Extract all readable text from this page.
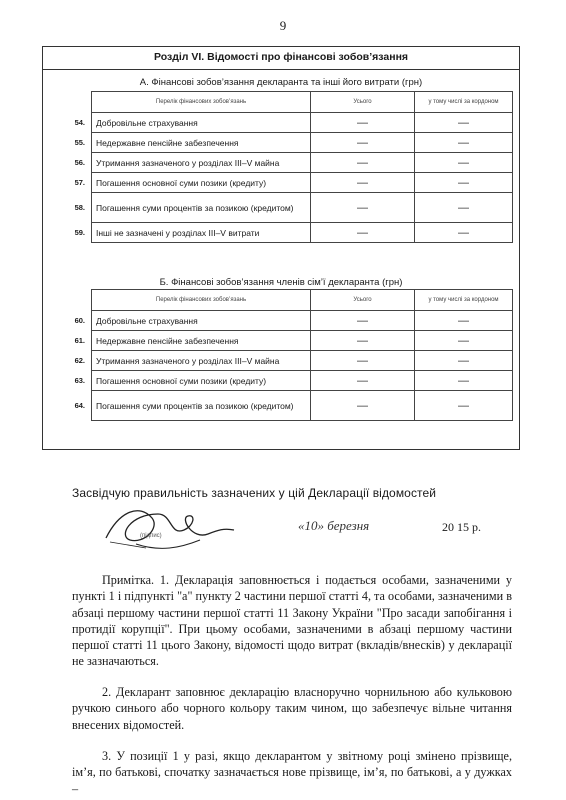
9
Розділ VI. Відомості про фінансові зобов’язання
А. Фінансові зобов’язання декларанта та інші його витрати (грн)
	Перелік фінансових зобов’язань	Усього	у тому числі за кордоном
54.	Добровільне страхування	—	—
55.	Недержавне пенсійне забезпечення	—	—
56.	Утримання зазначеного у розділах III–V майна	—	—
57.	Погашення основної суми позики (кредиту)	—	—
58.	Погашення суми процентів за позикою (кредитом)	—	—
59.	Інші не зазначені у розділах III–V витрати	—	—
Б. Фінансові зобов’язання членів сім’ї декларанта (грн)
	Перелік фінансових зобов’язань	Усього	у тому числі за кордоном
60.	Добровільне страхування	—	—
61.	Недержавне пенсійне забезпечення	—	—
62.	Утримання зазначеного у розділах III–V майна	—	—
63.	Погашення основної суми позики (кредиту)	—	—
64.	Погашення суми процентів за позикою (кредитом)	—	—
Засвідчую правильність зазначених у цій Декларації відомостей
(підпис)
«10» березня	20 15 р.

Примітка. 1. Декларація заповнюється і подається особами, зазначеними у пункті 1 і підпункті "а" пункту 2 частини першої статті 4, та особами, зазначеними в абзаці першому частини першої статті 11 Закону України "Про засади запобігання і протидії корупції". При цьому особами, зазначеними в абзаці першому частини першої статті 11 цього Закону, відомості щодо витрат (вкладів/внесків) у декларації не зазначаються.

2. Декларант заповнює декларацію власноручно чорнильною або кульковою ручкою синього або чорного кольору таким чином, що забезпечує вільне читання внесених відомостей.

3. У позиції 1 у разі, якщо декларантом у звітному році змінено прізвище, ім’я, по батькові, спочатку зазначається нове прізвище, ім’я, по батькові, а у дужках –
